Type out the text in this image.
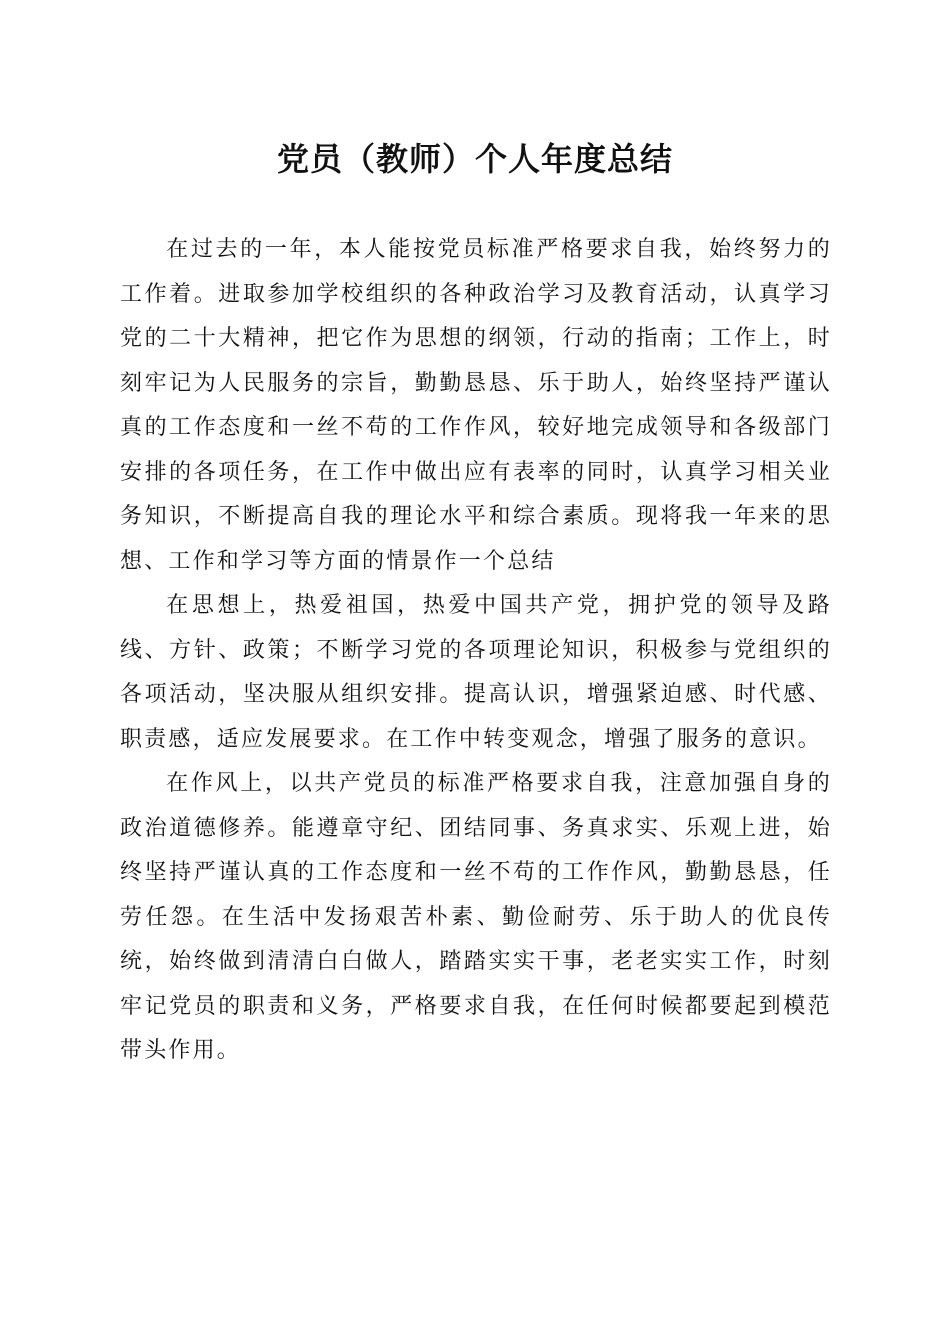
党员（教师）个人年度总结

在过去的一年，本人能按党员标准严格要求自我，始终努力的工作着。进取参加学校组织的各种政治学习及教育活动，认真学习党的二十大精神，把它作为思想的纲领，行动的指南；工作上，时刻牢记为人民服务的宗旨，勤勤恳恳、乐于助人，始终坚持严谨认真的工作态度和一丝不苟的工作作风，较好地完成领导和各级部门安排的各项任务，在工作中做出应有表率的同时，认真学习相关业务知识，不断提高自我的理论水平和综合素质。现将我一年来的思想、工作和学习等方面的情景作一个总结

在思想上，热爱祖国，热爱中国共产党，拥护党的领导及路线、方针、政策；不断学习党的各项理论知识，积极参与党组织的各项活动，坚决服从组织安排。提高认识，增强紧迫感、时代感、职责感，适应发展要求。在工作中转变观念，增强了服务的意识。

在作风上，以共产党员的标准严格要求自我，注意加强自身的政治道德修养。能遵章守纪、团结同事、务真求实、乐观上进，始终坚持严谨认真的工作态度和一丝不苟的工作作风，勤勤恳恳，任劳任怨。在生活中发扬艰苦朴素、勤俭耐劳、乐于助人的优良传统，始终做到清清白白做人，踏踏实实干事，老老实实工作，时刻牢记党员的职责和义务，严格要求自我，在任何时候都要起到模范带头作用。
